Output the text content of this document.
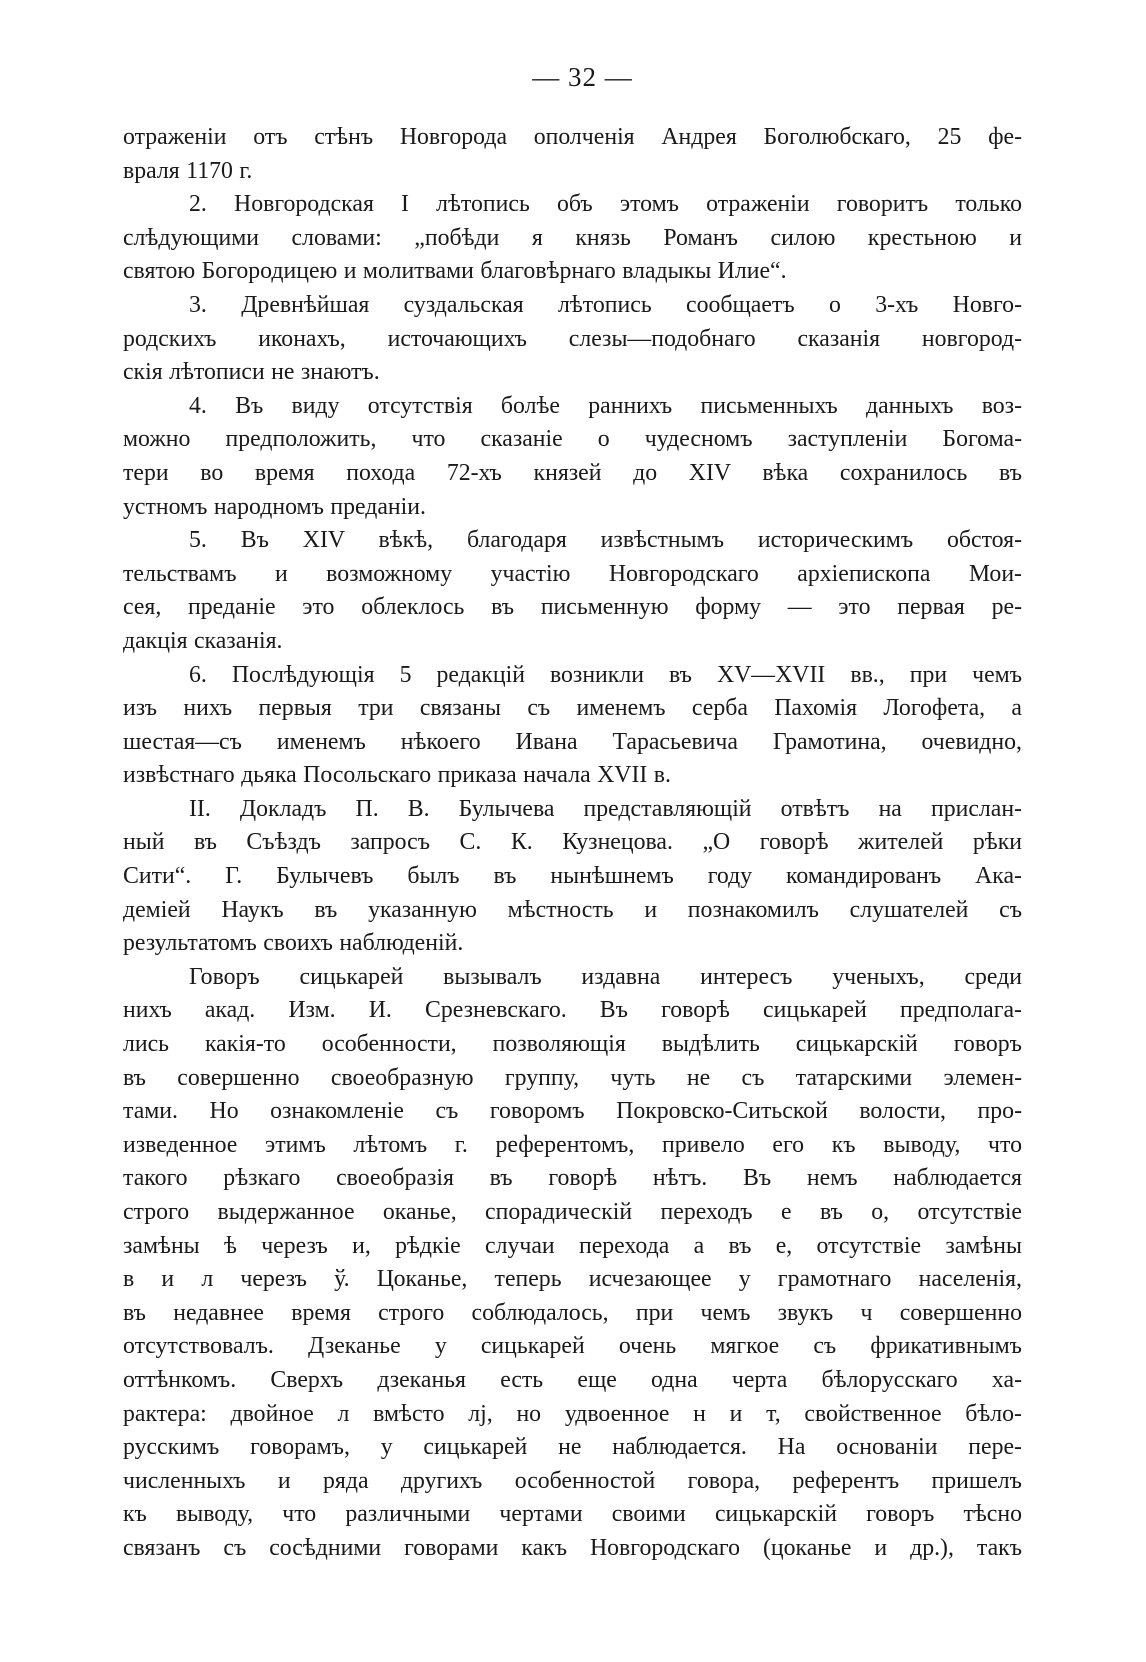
— 32 —

отраженіи отъ стѣнъ Новгорода ополченія Андрея Боголюбскаго, 25 фе-

враля 1170 г.

2. Новгородская I лѣтопись объ этомъ отраженіи говоритъ только

слѣдующими словами: „побѣди я князь Романъ силою крестьною и

святою Богородицею и молитвами благовѣрнаго владыкы Илие“.

3. Древнѣйшая суздальская лѣтопись сообщаетъ о 3-хъ Новго-

родскихъ иконахъ, источающихъ слезы—подобнаго сказанія новгород-

скія лѣтописи не знаютъ.

4. Въ виду отсутствія болѣе раннихъ письменныхъ данныхъ воз-

можно предположить, что сказаніе о чудесномъ заступленіи Богома-

тери во время похода 72-хъ князей до XIV вѣка сохранилось въ

устномъ народномъ преданіи.

5. Въ XIV вѣкѣ, благодаря извѣстнымъ историческимъ обстоя-

тельствамъ и возможному участію Новгородскаго архіепископа Мои-

сея, преданіе это облеклось въ письменную форму — это первая ре-

дакція сказанія.

6. Послѣдующія 5 редакцій возникли въ XV—XVII вв., при чемъ

изъ нихъ первыя три связаны съ именемъ серба Пахомія Логофета, а

шестая—съ именемъ нѣкоего Ивана Тарасьевича Грамотина, очевидно,

извѣстнаго дьяка Посольскаго приказа начала XVII в.

II. Докладъ П. В. Булычева представляющій отвѣтъ на прислан-

ный въ Съѣздъ запросъ С. К. Кузнецова. „О говорѣ жителей рѣки

Сити“. Г. Булычевъ былъ въ нынѣшнемъ году командированъ Ака-

деміей Наукъ въ указанную мѣстность и познакомилъ слушателей съ

результатомъ своихъ наблюденій.

Говоръ сицькарей вызывалъ издавна интересъ ученыхъ, среди

нихъ акад. Изм. И. Срезневскаго. Въ говорѣ сицькарей предполага-

лись какія-то особенности, позволяющія выдѣлить сицькарскій говоръ

въ совершенно своеобразную группу, чуть не съ татарскими элемен-

тами. Но ознакомленіе съ говоромъ Покровско-Ситьской волости, про-

изведенное этимъ лѣтомъ г. референтомъ, привело его къ выводу, что

такого рѣзкаго своеобразія въ говорѣ нѣтъ. Въ немъ наблюдается

строго выдержанное оканье, спорадическій переходъ е въ о, отсутствіе

замѣны ѣ черезъ и, рѣдкіе случаи перехода а въ е, отсутствіе замѣны

в и л черезъ ў. Цоканье, теперь исчезающее у грамотнаго населенія,

въ недавнее время строго соблюдалось, при чемъ звукъ ч совершенно

отсутствовалъ. Дзеканье у сицькарей очень мягкое съ фрикативнымъ

оттѣнкомъ. Сверхъ дзеканья есть еще одна черта бѣлорусскаго ха-

рактера: двойное л вмѣсто лј, но удвоенное н и т, свойственное бѣло-

русскимъ говорамъ, у сицькарей не наблюдается. На основаніи пере-

численныхъ и ряда другихъ особенностой говора, референтъ пришелъ

къ выводу, что различными чертами своими сицькарскій говоръ тѣсно

связанъ съ сосѣдними говорами какъ Новгородскаго (цоканье и др.), такъ
